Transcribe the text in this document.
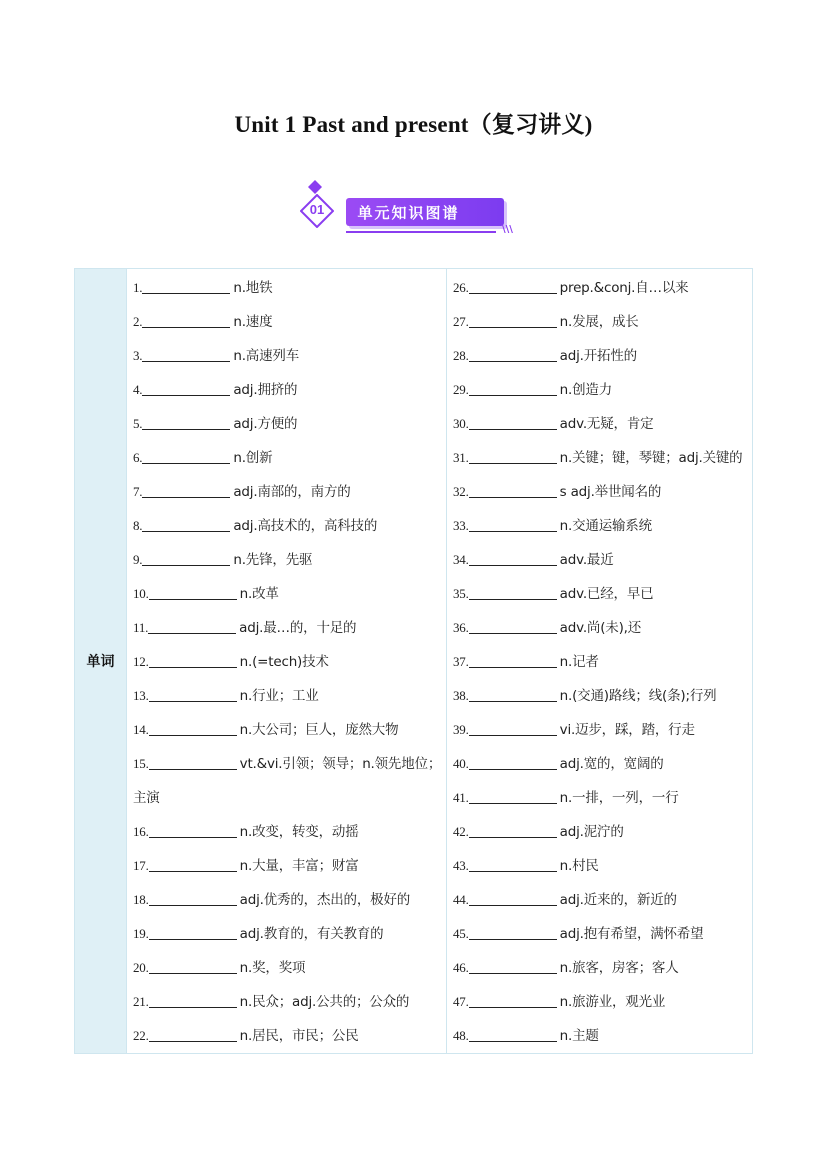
Unit 1 Past and present（复习讲义)
01	单元知识图谱
\\\
单词
1.	n.地铁
2.	n.速度
3.	n.高速列车
4.	adj.拥挤的
5.	adj.方便的
6.	n.创新
7.	adj.南部的，南方的
8.	adj.高技术的，高科技的
9.	n.先锋，先驱
10.	n.改革
11.	adj.最…的，十足的
12.	n.(=tech)技术
13.	n.行业；工业
14.	n.大公司；巨人，庞然大物
15.	vt.&vi.引领；领导；n.领先地位；
主演
16.	n.改变，转变，动摇
17.	n.大量，丰富；财富
18.	adj.优秀的，杰出的，极好的
19.	adj.教育的，有关教育的
20.	n.奖，奖项
21.	n.民众；adj.公共的；公众的
22.	n.居民，市民；公民
26.	prep.&conj.自…以来
27.	n.发展，成长
28.	adj.开拓性的
29.	n.创造力
30.	adv.无疑，肯定
31.	n.关键；键，琴键；adj.关键的
32.	s adj.举世闻名的
33.	n.交通运输系统
34.	adv.最近
35.	adv.已经，早已
36.	adv.尚(未),还
37.	n.记者
38.	n.(交通)路线；线(条);行列
39.	vi.迈步，踩，踏，行走
40.	adj.宽的，宽阔的
41.	n.一排，一列，一行
42.	adj.泥泞的
43.	n.村民
44.	adj.近来的，新近的
45.	adj.抱有希望，满怀希望
46.	n.旅客，房客；客人
47.	n.旅游业，观光业
48.	n.主题
